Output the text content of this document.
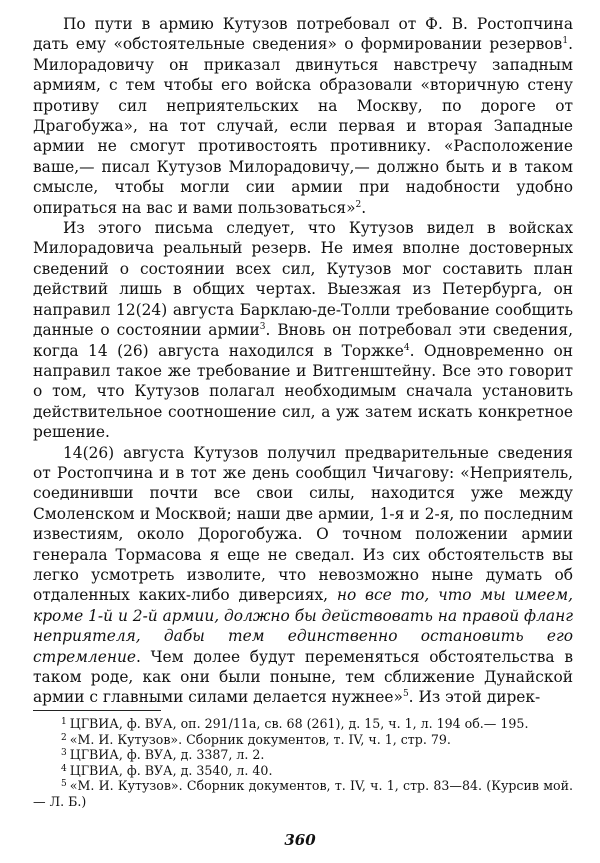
По пути в армию Кутузов потребовал от Ф. В. Ростопчина дать ему «обстоятельные сведения» о формировании резервов$^1$. Милорадовичу он приказал двинуться навстречу западным армиям, с тем чтобы его войска образовали «вторичную стену противу сил неприятельских на Москву, по дороге от Драгобужа», на тот случай, если первая и вторая Западные армии не смогут противостоять противнику. «Расположение ваше,— писал Кутузов Милорадовичу,— должно быть и в таком смысле, чтобы могли сии армии при надобности удобно опираться на вас и вами пользоваться»$^2$.

Из этого письма следует, что Кутузов видел в войсках Милорадовича реальный резерв. Не имея вполне достоверных сведений о состоянии всех сил, Кутузов мог составить план действий лишь в общих чертах. Выезжая из Петербурга, он направил 12(24) августа Барклаю-де-Толли требование сообщить данные о состоянии армии$^3$. Вновь он потребовал эти сведения, когда 14 (26) августа находился в Торжке$^4$. Одновременно он направил такое же требование и Витгенштейну. Все это говорит о том, что Кутузов полагал необходимым сначала установить действительное соотношение сил, а уж затем искать конкретное решение.

14(26) августа Кутузов получил предварительные сведения от Ростопчина и в тот же день сообщил Чичагову: «Неприятель, соединивши почти все свои силы, находится уже между Смоленском и Москвой; наши две армии, 1-я и 2-я, по последним известиям, около Дорогобужа. О точном положении армии генерала Тормасова я еще не сведал. Из сих обстоятельств вы легко усмотреть изволите, что невозможно ныне думать об отдаленных каких-либо диверсиях, но все то, что мы имеем, кроме 1-й и 2-й армии, должно бы действовать на правой фланг неприятеля, дабы тем единственно остановить его стремление. Чем долее будут переменяться обстоятельства в таком роде, как они были поныне, тем сближение Дунайской армии с главными силами делается нужнее»$^5$. Из этой дирек-

$^1$ ЦГВИА, ф. ВУА, оп. 291/11а, св. 68 (261), д. 15, ч. 1, л. 194 об.— 195.

$^2$ «М. И. Кутузов». Сборник документов, т. IV, ч. 1, стр. 79.

$^3$ ЦГВИА, ф. ВУА, д. 3387, л. 2.

$^4$ ЦГВИА, ф. ВУА, д. 3540, л. 40.

$^5$ «М. И. Кутузов». Сборник документов, т. IV, ч. 1, стр. 83—84. (Курсив мой.— Л. Б.)

360
